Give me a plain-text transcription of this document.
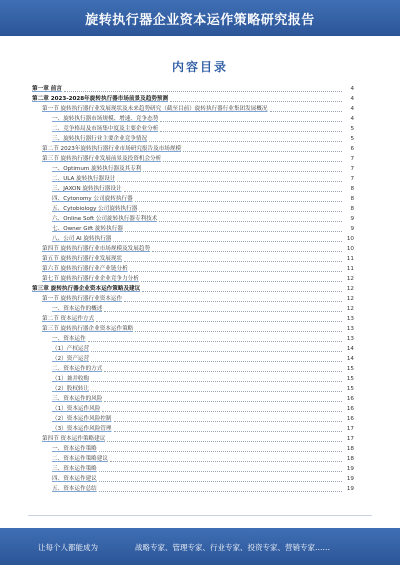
旋转执行器企业资本运作策略研究报告
内容目录
第一章 前言	4
第二章 2023-2028年旋转执行器市场前景及趋势预测	4
第一节 旋转执行器行业发展现状及未来趋势研究（截至目前）旋转执行器行业集团发展概况	4
一、旋转执行器市场规模、增速、竞争态势	4
二、竞争格局及市场集中度及主要企业分析	5
三、旋转执行器行业主要企业竞争情况	5
第二节 2023年旋转执行器行业市场研究报告及市场规模	6
第三节 旋转执行器行业发展前景及投资机会分析	7
一、Optimum 旋转执行器及其专利	7
二、ULA 旋转执行器设计	7
三、JAXON 旋转执行器设计	8
四、Cytonomy 公司旋转执行器	8
五、Cytobiology 公司旋转执行器	8
六、Online Soft 公司旋转执行器专利技术	9
七、Owner Gift 旋转执行器	9
八、公司 AI 旋转执行器	10
第四节 旋转执行器行业市场规模及发展趋势	10
第五节 旋转执行器行业发展现状	11
第六节 旋转执行器行业产业链分析	11
第七节 旋转执行器行业企业竞争力分析	12
第三章 旋转执行器企业资本运作策略及建议	12
第一节 旋转执行器行业资本运作	12
一、资本运作的概述	12
第二节 资本运作方式	13
第三节 旋转执行器企业资本运作策略	13
一、资本运作	13
（1）产权运营	14
（2）资产运营	14
二、资本运作的方式	15
（1）兼并收购	15
（2）股权转让	15
三、资本运作的风险	16
（1）资本运作风险	16
（2）资本运作风险控制	16
（3）资本运作风险管理	17
第四节 资本运作策略建议	17
一、资本运作策略	18
二、资本运作策略建议	18
三、资本运作策略	19
四、资本运作建议	19
五、资本运作总结	19
让每个人都能成为	战略专家、管理专家、行业专家、投资专家、营销专家……
